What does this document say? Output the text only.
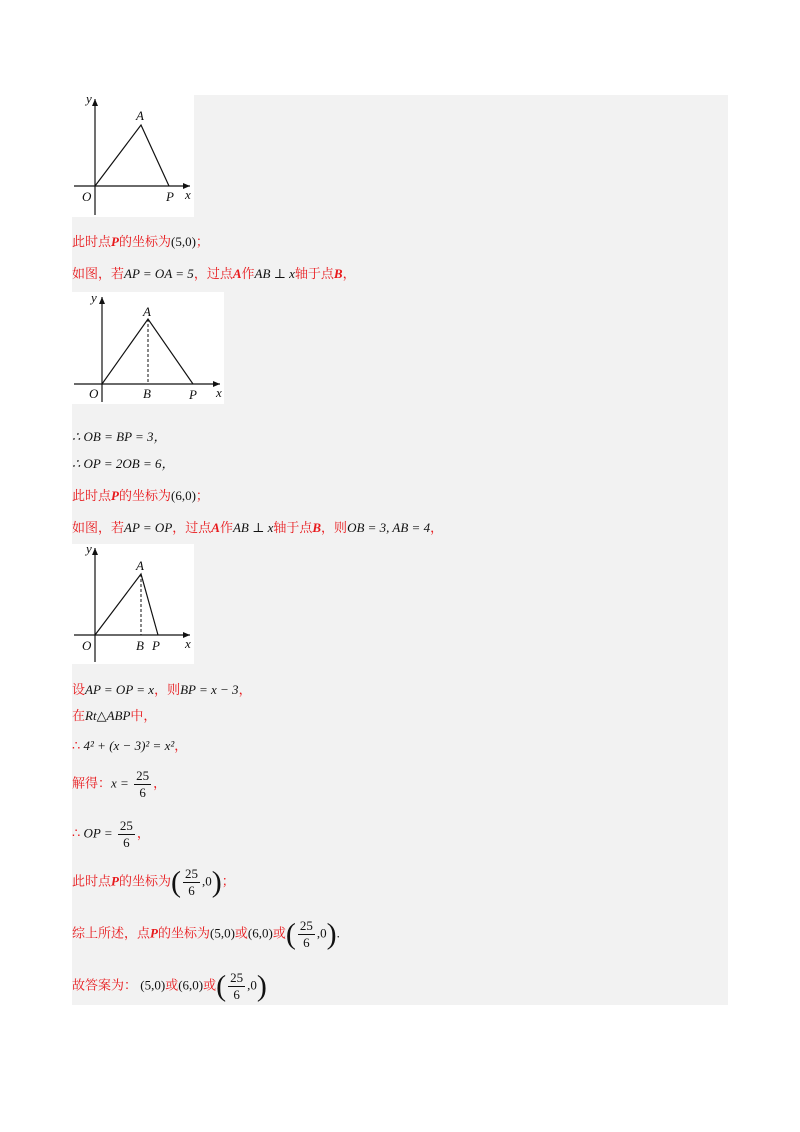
y
x
O
A
P
此时点P的坐标为(5,0)；
如图，若AP = OA = 5，过点A作AB ⊥ x轴于点B，
y
x
O
A
B	P
∴ OB = BP = 3，
∴ OP = 2OB = 6，
此时点P的坐标为(6,0)；
如图，若AP = OP，过点A作AB ⊥ x轴于点B，则OB = 3, AB = 4，
y
x
O
A
B P
设AP = OP = x，则BP = x − 3，
在Rt△ABP中，
∴ 4² + (x − 3)² = x²，
解得：$x = \frac{25}{6}$ ，
∴ OP = $\frac{25}{6}$ ，
此时点P的坐标为( $\frac{25}{6} ,0$)；
综上所述，点P的坐标为(5,0)或(6,0)或( $\frac{25}{6} ,0$).
故答案为： (5,0)或(6,0)或( $\frac{25}{6} ,0$)
